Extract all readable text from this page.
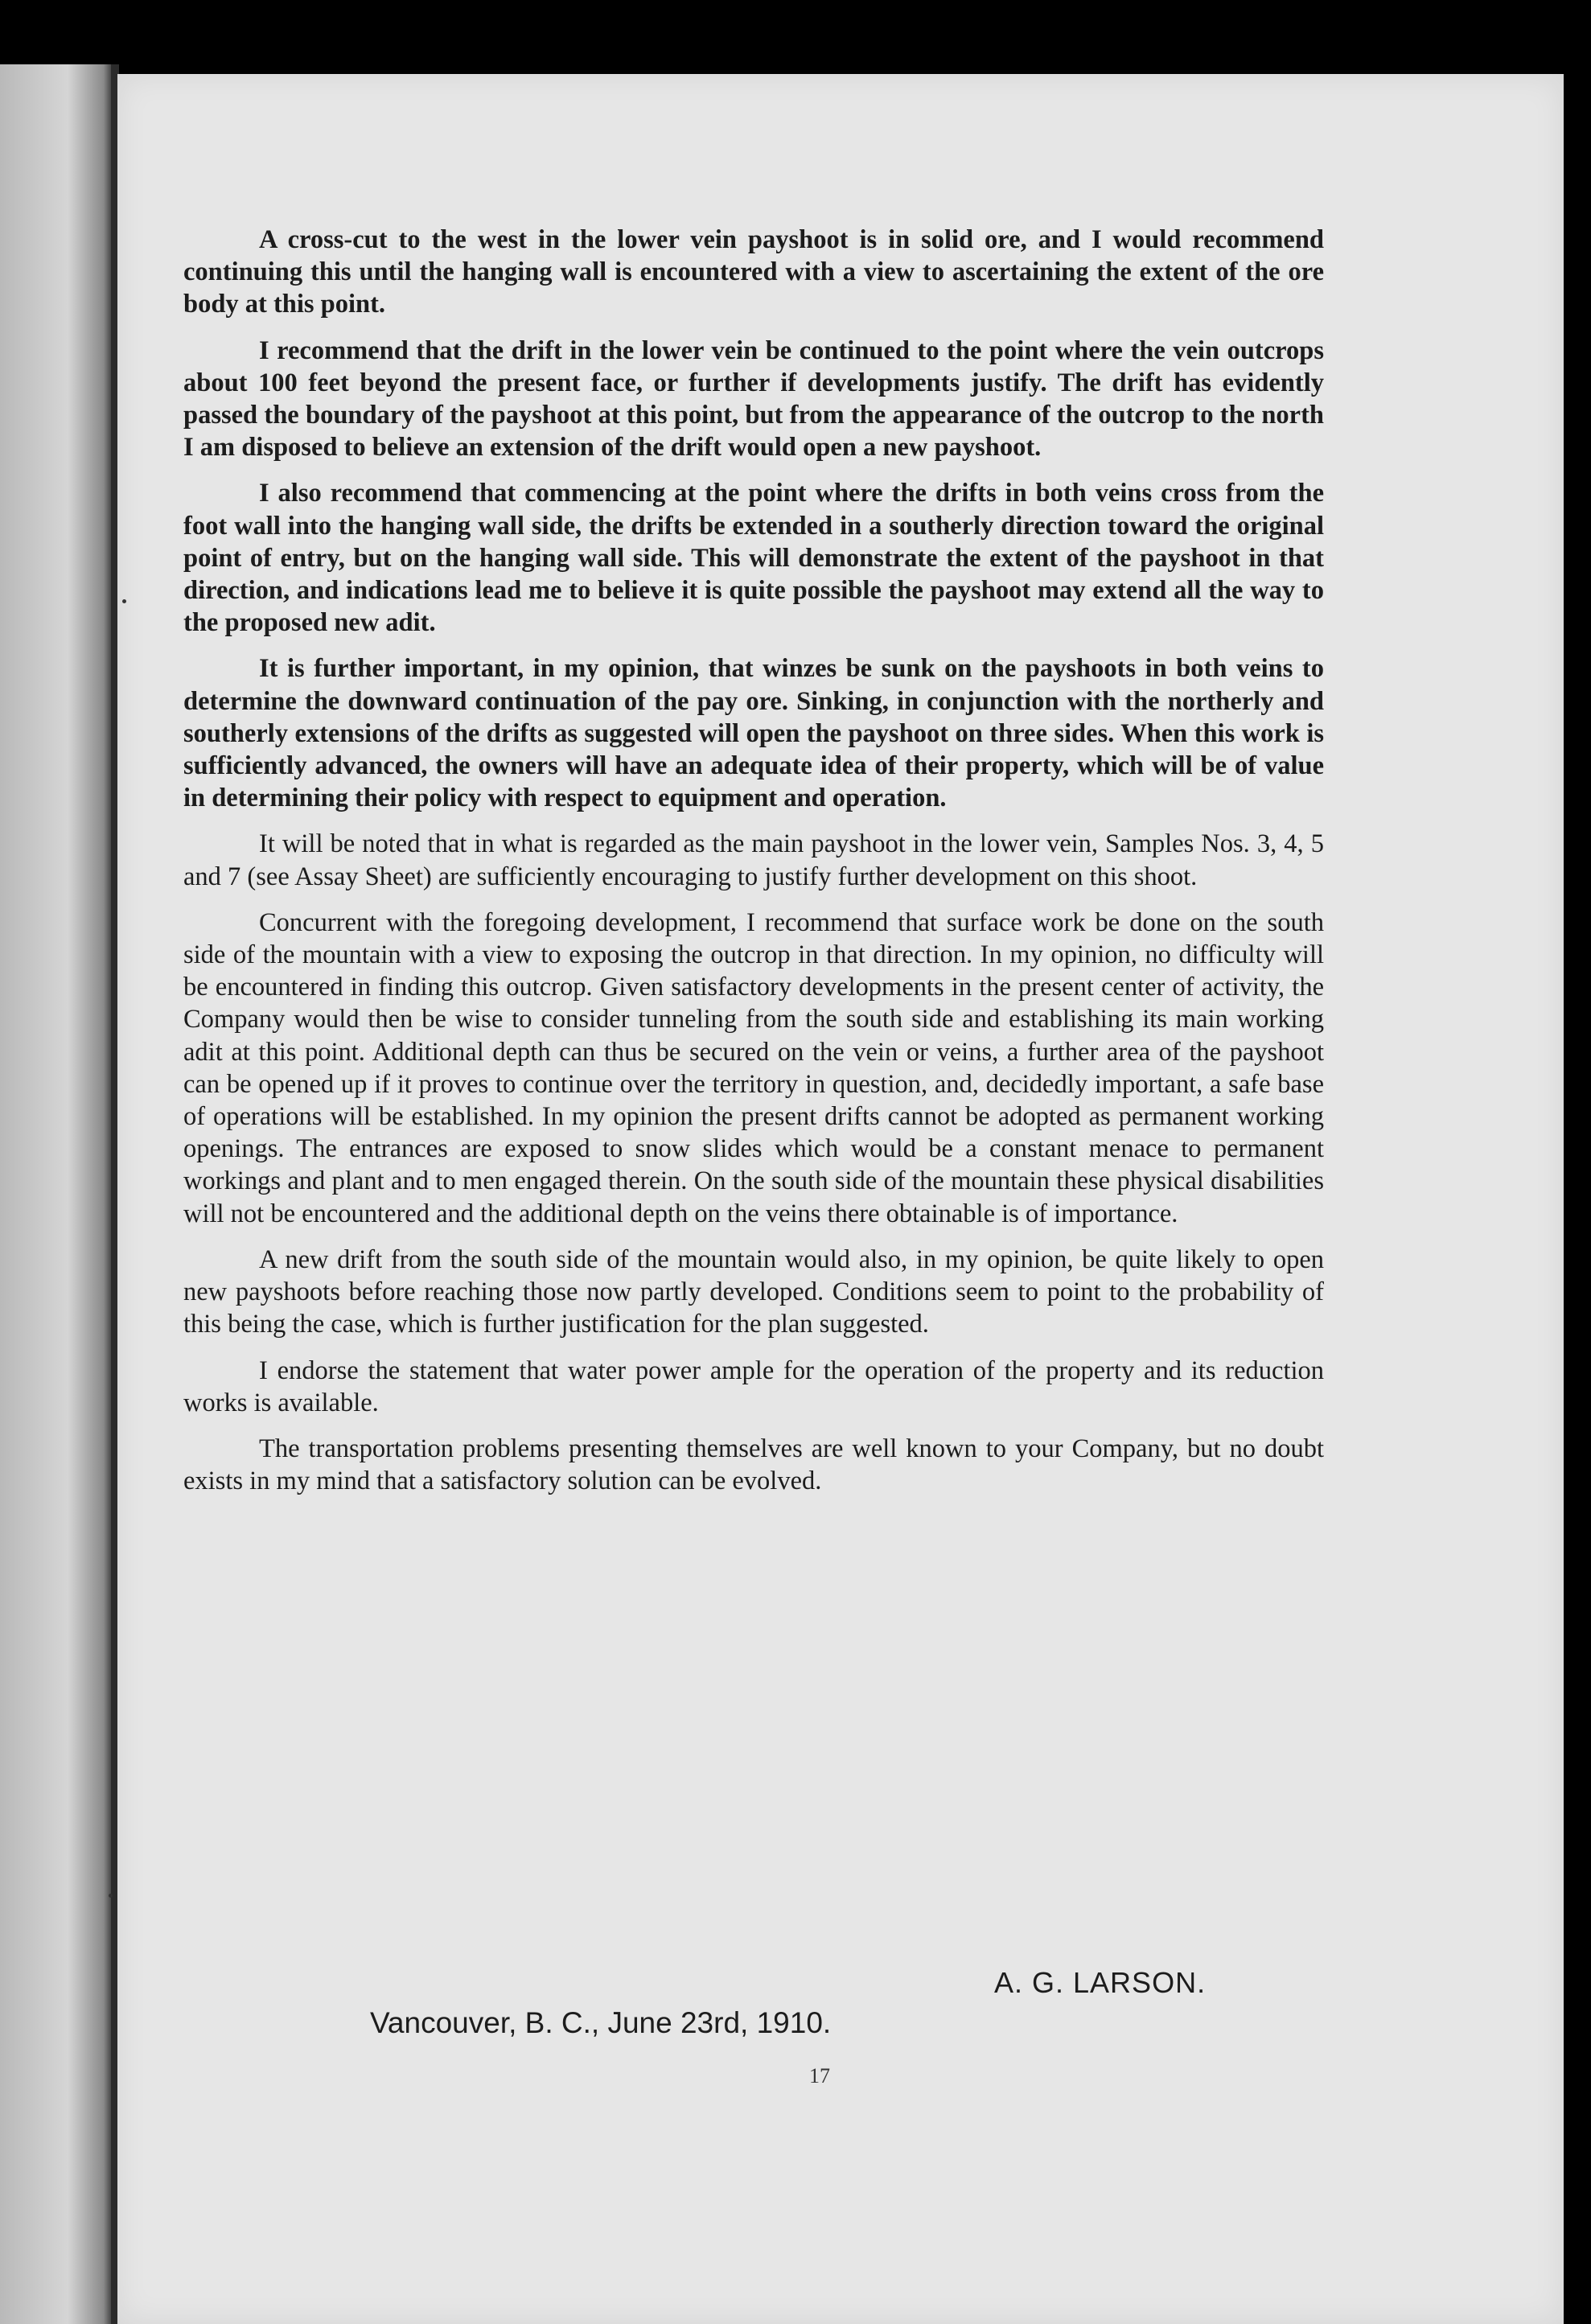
A cross-cut to the west in the lower vein payshoot is in solid ore, and I would recommend continuing this until the hanging wall is encountered with a view to ascertaining the extent of the ore body at this point.

I recommend that the drift in the lower vein be continued to the point where the vein outcrops about 100 feet beyond the present face, or further if developments justify. The drift has evidently passed the boundary of the payshoot at this point, but from the appearance of the outcrop to the north I am disposed to believe an extension of the drift would open a new payshoot.

I also recommend that commencing at the point where the drifts in both veins cross from the foot wall into the hanging wall side, the drifts be extended in a southerly direction toward the original point of entry, but on the hanging wall side. This will demonstrate the extent of the payshoot in that direction, and indications lead me to believe it is quite possible the payshoot may extend all the way to the proposed new adit.

It is further important, in my opinion, that winzes be sunk on the payshoots in both veins to determine the downward continuation of the pay ore. Sinking, in conjunction with the northerly and southerly extensions of the drifts as suggested will open the payshoot on three sides. When this work is sufficiently advanced, the owners will have an adequate idea of their property, which will be of value in determining their policy with respect to equipment and operation.

It will be noted that in what is regarded as the main payshoot in the lower vein, Samples Nos. 3, 4, 5 and 7 (see Assay Sheet) are sufficiently encouraging to justify further development on this shoot.

Concurrent with the foregoing development, I recommend that surface work be done on the south side of the mountain with a view to exposing the outcrop in that direction. In my opinion, no difficulty will be encountered in finding this outcrop. Given satisfactory developments in the present center of activity, the Company would then be wise to consider tunneling from the south side and establishing its main working adit at this point. Additional depth can thus be secured on the vein or veins, a further area of the payshoot can be opened up if it proves to continue over the territory in question, and, decidedly important, a safe base of operations will be established. In my opinion the present drifts cannot be adopted as permanent working openings. The entrances are exposed to snow slides which would be a constant menace to permanent workings and plant and to men engaged therein. On the south side of the mountain these physical disabilities will not be encountered and the additional depth on the veins there obtainable is of importance.

A new drift from the south side of the mountain would also, in my opinion, be quite likely to open new payshoots before reaching those now partly developed. Conditions seem to point to the probability of this being the case, which is further justification for the plan suggested.

I endorse the statement that water power ample for the operation of the property and its reduction works is available.

The transportation problems presenting themselves are well known to your Company, but no doubt exists in my mind that a satisfactory solution can be evolved.

A. G. LARSON.
Vancouver, B. C., June 23rd, 1910.
17
